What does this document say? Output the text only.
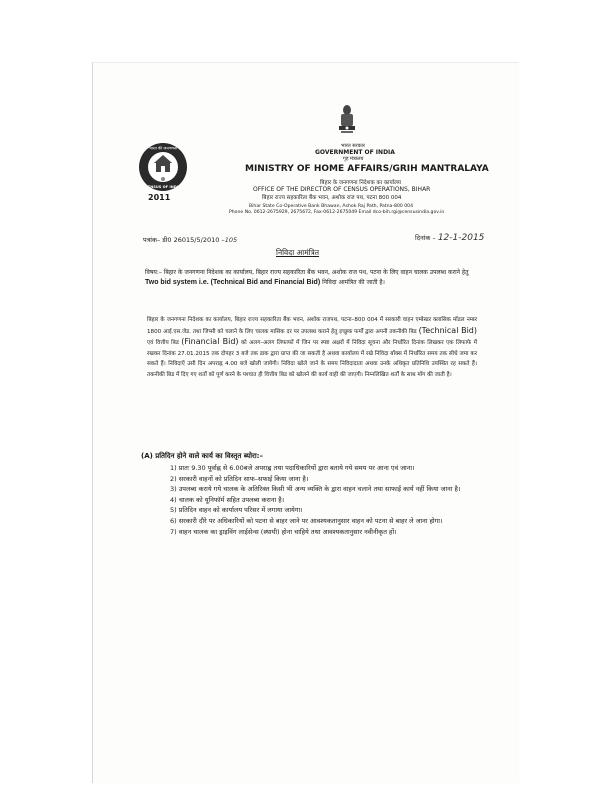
भारत की जनगणना
CENSUS OF INDIA
2011
भारत सरकार
GOVERNMENT OF INDIA
गृह मंत्रालय
MINISTRY OF HOME AFFAIRS/GRIH MANTRALAYA
बिहार के जनगणना निदेशक का कार्यालय
OFFICE OF THE DIRECTOR OF CENSUS OPERATIONS, BIHAR
बिहार राज्य सहकारिता बैंक भवन, अशोक राज पथ, पटना 800 004
Bihar State Co-Operative Bank Bhawan, Ashok Raj Path, Patna-800 004
Phone No. 0612-2675929, 2675672, Fax-0612-2675049 Email dco-bih.rgi@censusindia.gov.in
पत्रांक– डी0 26015/5/2010 –105	दिनांक – 12-1-2015
निविदा आमंत्रित
विषय:– बिहार के जनगणना निदेशक का कार्यालय, बिहार राज्य सहकारिता बैंक भवन, अशोक राज पथ, पटना के लिए वाहन चालक उपलब्ध कराने हेतु Two bid system i.e. (Technical Bid and Financial Bid) निविदा आमंत्रित की जाती है।
बिहार के जनगणना निदेशक का कार्यालय, बिहार राज्य सहकारिता बैंक भवन, अशोक राजपथ, पटना–800 004 में सरकारी वाहन एम्बेस्डर क्लासिक मॉडल नम्बर 1800 आई.एस.जेड. तथा जिप्सी को चलाने के लिए चालक मासिक दर पर उपलब्ध कराने हेतु इच्छुक फर्मों द्वारा अपनी तकनीकी बिड (Technical Bid) एवं वित्तीय बिड (Financial Bid) को अलग–अलग लिफाफों में जिन पर स्पष्ट अक्षरों में निविदा सूचना और निर्धारित दिनांक लिखकर एक लिफाफे में रखकर दिनांक 27.01.2015 तक दोपहर 3 बजे तक डाक द्वारा प्राप्त की जा सकती है अथवा कार्यालय में रखे निविदा बॉक्स में निर्धारित समय तक सीधे जमा कर सकते हैं। निविदाएँ उसी दिन अपराह्न 4.00 बजे खोली जायेगी। निविदा खोले जाने के समय निविदादाता अथवा उनके अधिकृत प्रतिनिधि उपस्थित रह सकते हैं। तकनीकी बिड में दिए गए शर्तो को पूर्ण करने के पश्चात ही वित्तीय बिड को खोलने की कार्य वाही की जाएगी। निम्नलिखित शर्तों के साथ माँग की जाती है।
(A) प्रतिदिन होने वाले कार्य का विस्तृत ब्योरा:–

1) प्रातः 9.30 पूर्वाह्न से 6.00बजे अपराह्न तथा पदाधिकारियों द्वारा बताये गये समय पर आना एवं जाना।

2) सरकारी वाहनों को प्रतिदिन साफ–सफाई किया जाना है।

3) उपलब्ध कराये गये चालक के अतिरिक्त किसी भी अन्य व्यक्ति के द्वारा वाहन चलाने तथा साफाई कार्य नहीं किया जाना है।

4) चालक को यूनिफॉर्म सहित उपलब्ध कराना है।

5) प्रतिदिन वाहन को कार्यालय परिसर में लगाया जायेगा।

6) सरकारी दौरे पर अधिकारियों को पटना से बाहर जाने पर आवश्यकतानुसार वाहन को पटना से बाहर ले जाना होगा।

7) वाहन चालक का ड्राइविंग लाईसेन्स (स्थायी) होना चाहिये तथा आवश्यकतानुसार नवीनीकृत हों।
